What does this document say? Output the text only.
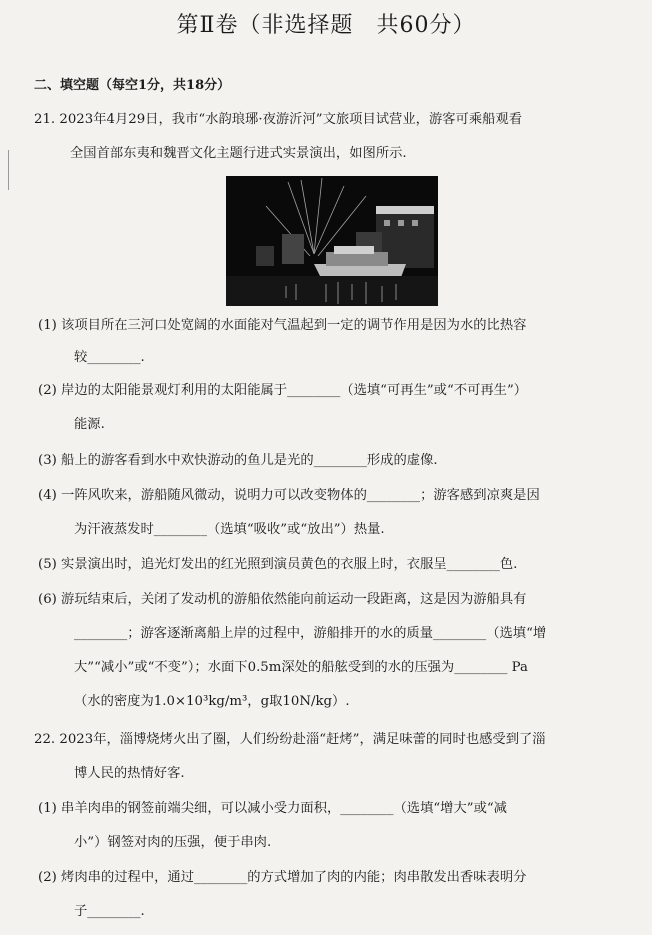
第Ⅱ卷（非选择题　共60分）
二、填空题（每空1分，共18分）
21. 2023年4月29日，我市“水韵琅琊·夜游沂河”文旅项目试营业，游客可乘船观看
全国首部东夷和魏晋文化主题行进式实景演出，如图所示.
(1) 该项目所在三河口处宽阔的水面能对气温起到一定的调节作用是因为水的比热容
较________.
(2) 岸边的太阳能景观灯利用的太阳能属于________（选填“可再生”或“不可再生”）
能源.
(3) 船上的游客看到水中欢快游动的鱼儿是光的________形成的虚像.
(4) 一阵风吹来，游船随风微动，说明力可以改变物体的________；游客感到凉爽是因
为汗液蒸发时________（选填“吸收”或“放出”）热量.
(5) 实景演出时，追光灯发出的红光照到演员黄色的衣服上时，衣服呈________色.
(6) 游玩结束后，关闭了发动机的游船依然能向前运动一段距离，这是因为游船具有
________；游客逐渐离船上岸的过程中，游船排开的水的质量________（选填“增
大”“减小”或“不变”）；水面下0.5m深处的船舷受到的水的压强为________ Pa
（水的密度为1.0×10³kg/m³，g取10N/kg）.
22. 2023年，淄博烧烤火出了圈，人们纷纷赴淄“赶烤”，满足味蕾的同时也感受到了淄
博人民的热情好客.
(1) 串羊肉串的钢签前端尖细，可以减小受力面积，________（选填“增大”或“减
小”）钢签对肉的压强，便于串肉.
(2) 烤肉串的过程中，通过________的方式增加了肉的内能；肉串散发出香味表明分
子________.
